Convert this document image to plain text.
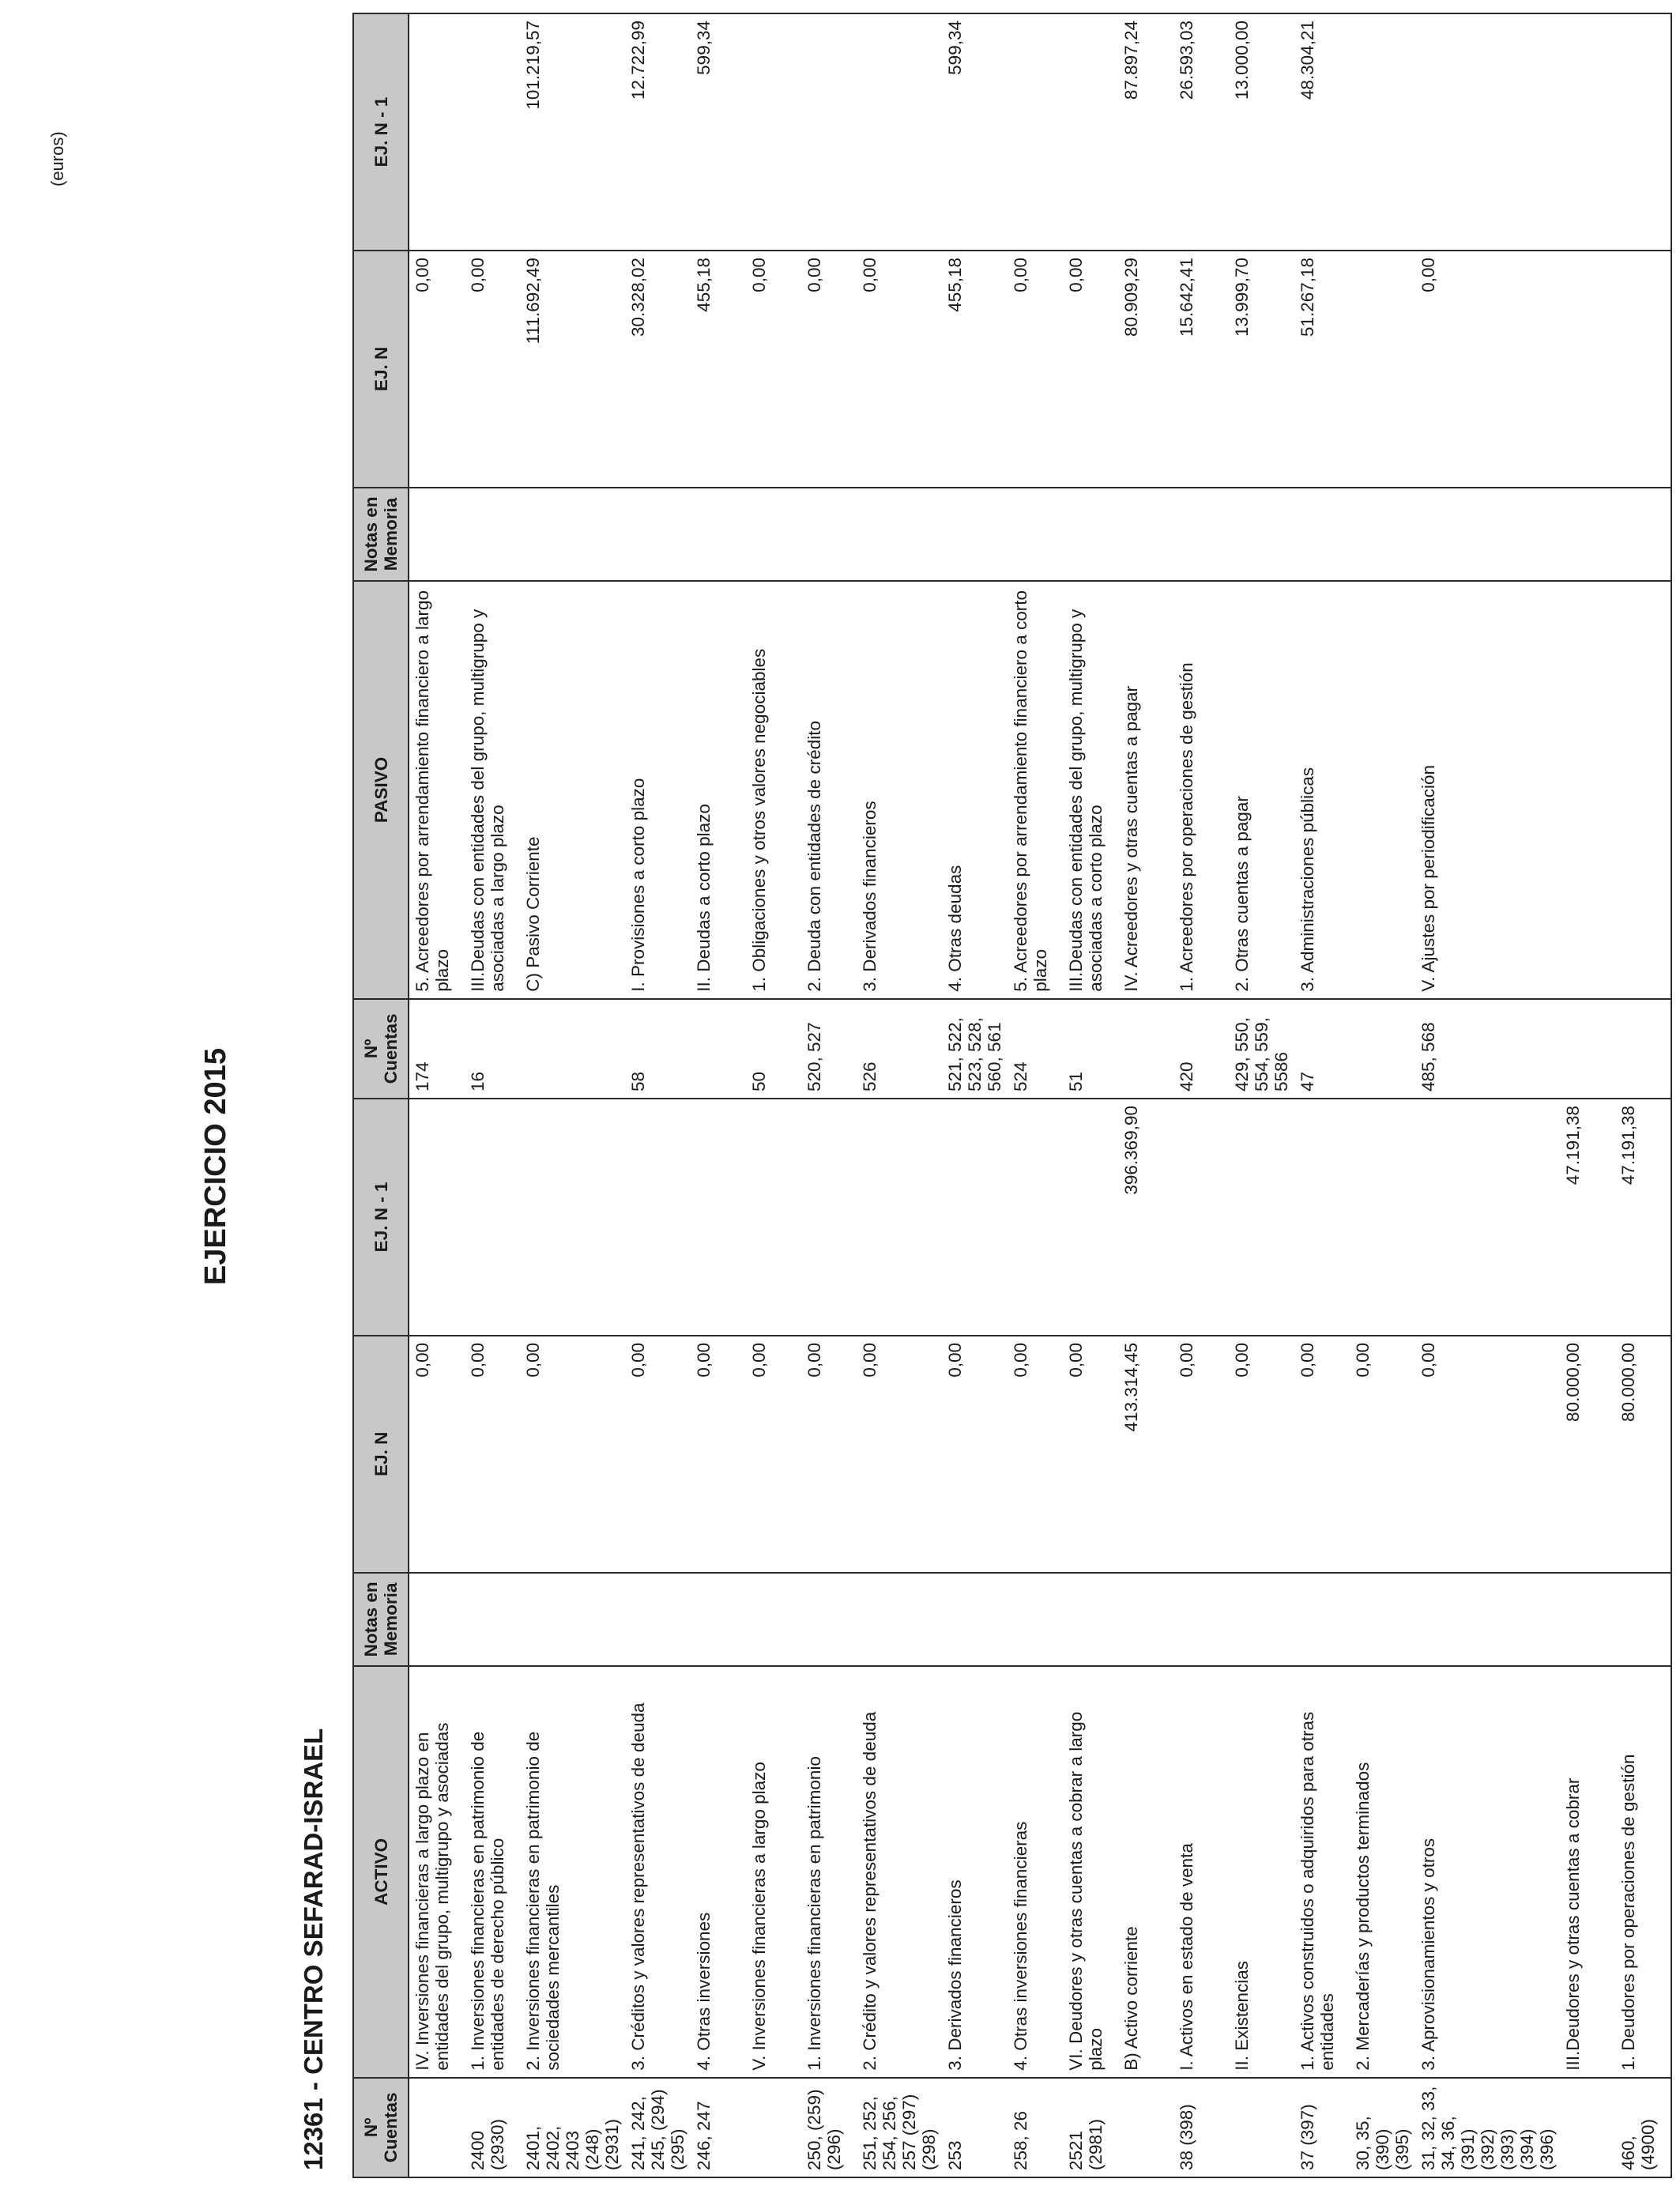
12361 - CENTRO SEFARAD-ISRAEL
EJERCICIO 2015
(euros)
Nº Cuentas	ACTIVO	Notas en Memoria	EJ. N	EJ. N - 1	Nº Cuentas	PASIVO	Notas en Memoria	EJ. N	EJ. N - 1
	IV. Inversiones financieras a largo plazo en entidades del grupo, multigrupo y asociadas		0,00		174	5. Acreedores por arrendamiento financiero a largo plazo		0,00	
2400 (2930)	1. Inversiones financieras en patrimonio de entidades de derecho público		0,00		16	III.Deudas con entidades del grupo, multigrupo y asociadas a largo plazo		0,00	
2401, 2402, 2403 (248) (2931)	2. Inversiones financieras en patrimonio de sociedades mercantiles		0,00			C) Pasivo Corriente		111.692,49	101.219,57
241, 242, 245, (294) (295)	3. Créditos y valores representativos de deuda		0,00		58	I. Provisiones a corto plazo		30.328,02	12.722,99
246, 247	4. Otras inversiones		0,00			II. Deudas a corto plazo		455,18	599,34
	V. Inversiones financieras a largo plazo		0,00		50	1. Obligaciones y otros valores negociables		0,00	
250, (259) (296)	1. Inversiones financieras en patrimonio		0,00		520, 527	2. Deuda con entidades de crédito		0,00	
251, 252, 254, 256, 257 (297) (298)	2. Crédito y valores representativos de deuda		0,00		526	3. Derivados financieros		0,00	
253	3. Derivados financieros		0,00		521, 522, 523, 528, 560, 561	4. Otras deudas		455,18	599,34
258, 26	4. Otras inversiones financieras		0,00		524	5. Acreedores por arrendamiento financiero a corto plazo		0,00	
2521 (2981)	VI. Deudores y otras cuentas a cobrar a largo plazo		0,00		51	III.Deudas con entidades del grupo, multigrupo y asociadas a corto plazo		0,00	
	B) Activo corriente		413.314,45	396.369,90		IV. Acreedores y otras cuentas a pagar		80.909,29	87.897,24
38 (398)	I. Activos en estado de venta		0,00		420	1. Acreedores por operaciones de gestión		15.642,41	26.593,03
	II. Existencias		0,00		429, 550, 554, 559, 5586	2. Otras cuentas a pagar		13.999,70	13.000,00
37 (397)	1. Activos construidos o adquiridos para otras entidades		0,00		47	3. Administraciones públicas		51.267,18	48.304,21
30, 35, (390) (395)	2. Mercaderías y productos terminados		0,00						
31, 32, 33, 34, 36, (391) (392) (393) (394) (396)	3. Aprovisionamientos y otros		0,00		485, 568	V. Ajustes por periodificación		0,00	
	III.Deudores y otras cuentas a cobrar		80.000,00	47.191,38					
460, (4900)	1. Deudores por operaciones de gestión		80.000,00	47.191,38					
